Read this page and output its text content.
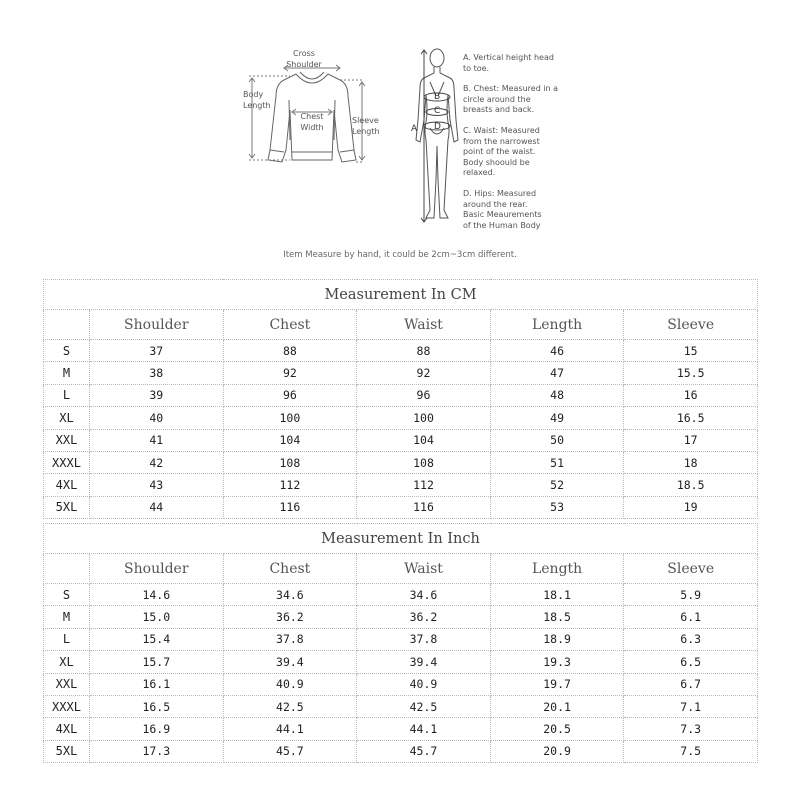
Cross
Shoulder
Body
Length
Chest
Width
Sleeve
Length	A
B
C
D
A. Vertical height head
to toe.
B. Chest: Measured in a
circle around the
breasts and back.
C. Waist: Measured
from the narrowest
point of the waist.
Body shoould be
relaxed.
D. Hips: Measured
around the rear.
Basic Meaurements
of the Human Body
Item Measure by hand, it could be 2cm~3cm different.
Measurement In CM					
	Shoulder	Chest	Waist	Length	Sleeve
S	37	88	88	46	15
M	38	92	92	47	15.5
L	39	96	96	48	16
XL	40	100	100	49	16.5
XXL	41	104	104	50	17
XXXL	42	108	108	51	18
4XL	43	112	112	52	18.5
5XL	44	116	116	53	19
Measurement In Inch					
	Shoulder	Chest	Waist	Length	Sleeve
S	14.6	34.6	34.6	18.1	5.9
M	15.0	36.2	36.2	18.5	6.1
L	15.4	37.8	37.8	18.9	6.3
XL	15.7	39.4	39.4	19.3	6.5
XXL	16.1	40.9	40.9	19.7	6.7
XXXL	16.5	42.5	42.5	20.1	7.1
4XL	16.9	44.1	44.1	20.5	7.3
5XL	17.3	45.7	45.7	20.9	7.5
